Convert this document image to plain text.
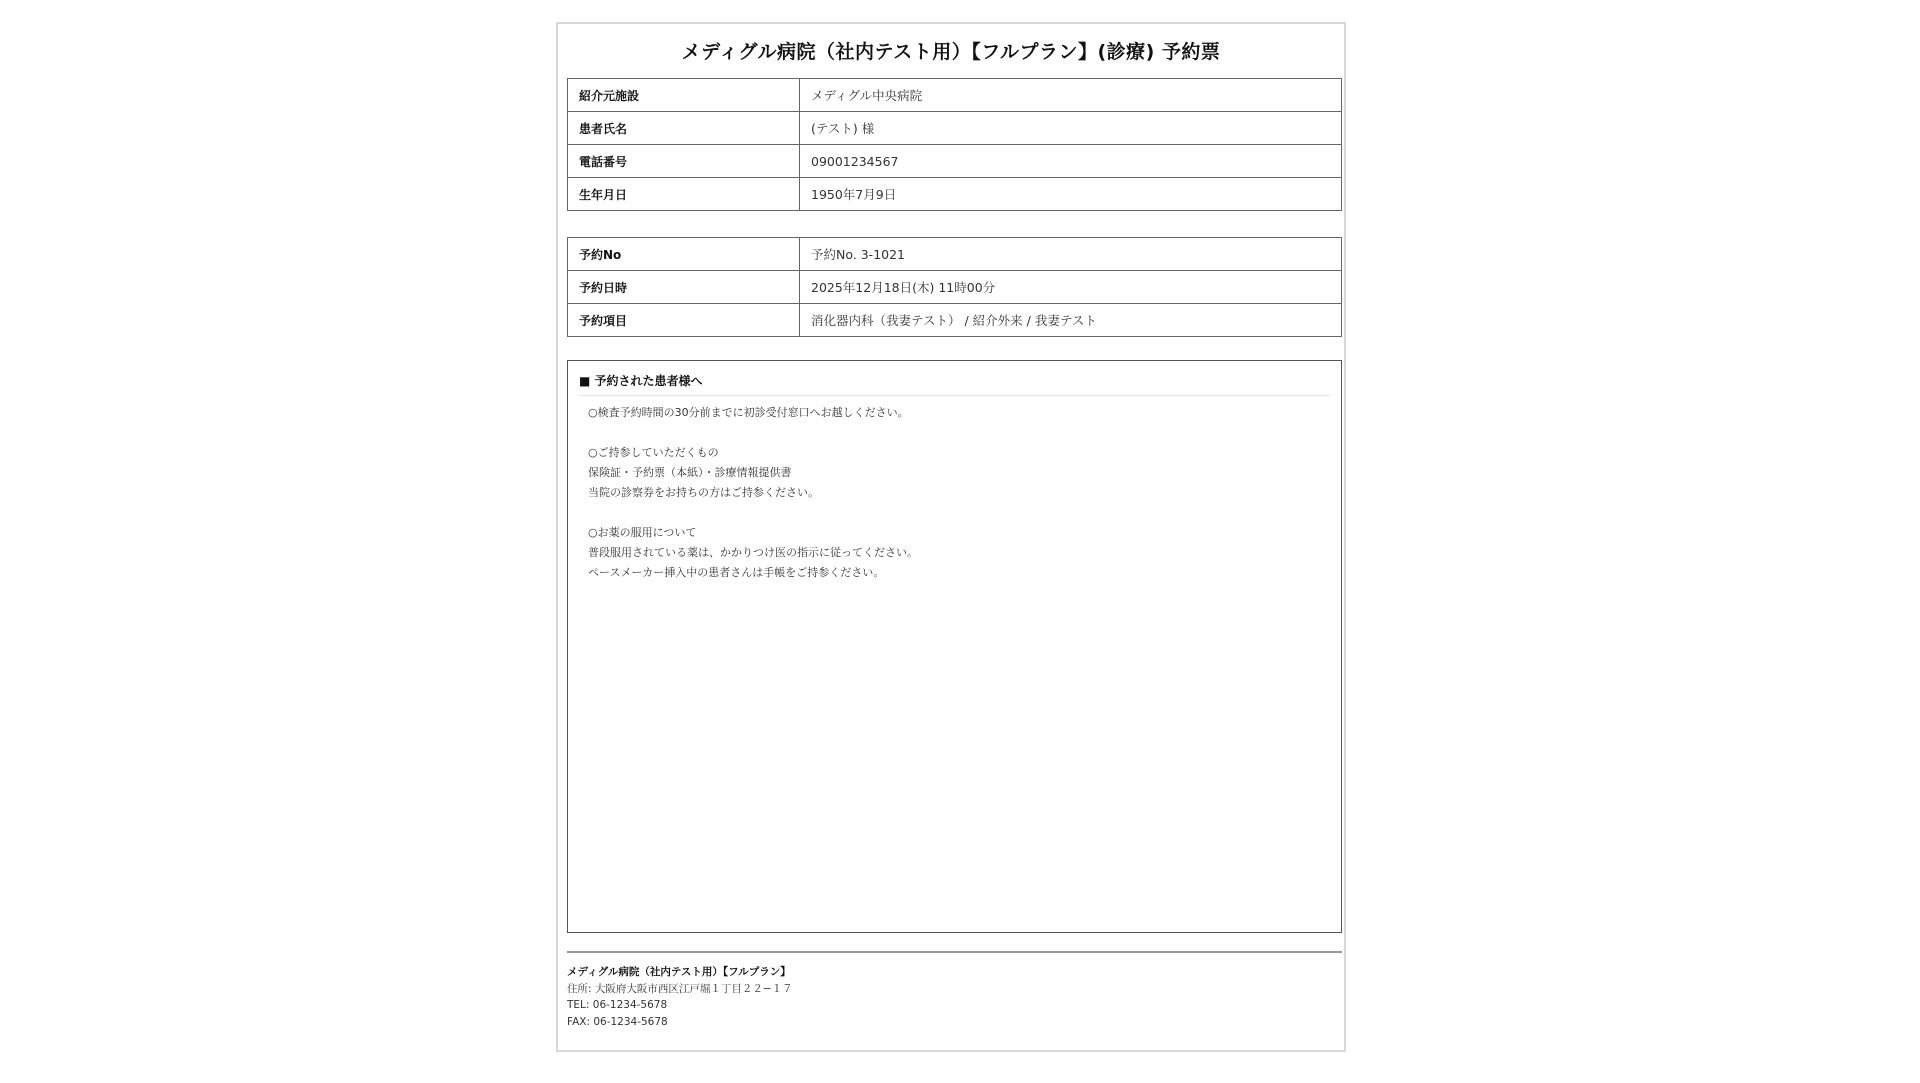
メディグル病院（社内テスト用）【フルプラン】(診療) 予約票
紹介元施設	メディグル中央病院
患者氏名	(テスト) 様
電話番号	09001234567
生年月日	1950年7月9日
予約No	予約No. 3-1021
予約日時	2025年12月18日(木) 11時00分
予約項目	消化器内科（我妻テスト） / 紹介外来 / 我妻テスト
■ 予約された患者様へ
○検査予約時間の30分前までに初診受付窓口へお越しください。
○ご持参していただくもの
保険証・予約票（本紙）・診療情報提供書
当院の診察券をお持ちの方はご持参ください。
○お薬の服用について
普段服用されている薬は、かかりつけ医の指示に従ってください。
ペースメーカー挿入中の患者さんは手帳をご持参ください。
メディグル病院（社内テスト用）【フルプラン】
住所: 大阪府大阪市西区江戸堀１丁目２２−１７
TEL: 06-1234-5678
FAX: 06-1234-5678
